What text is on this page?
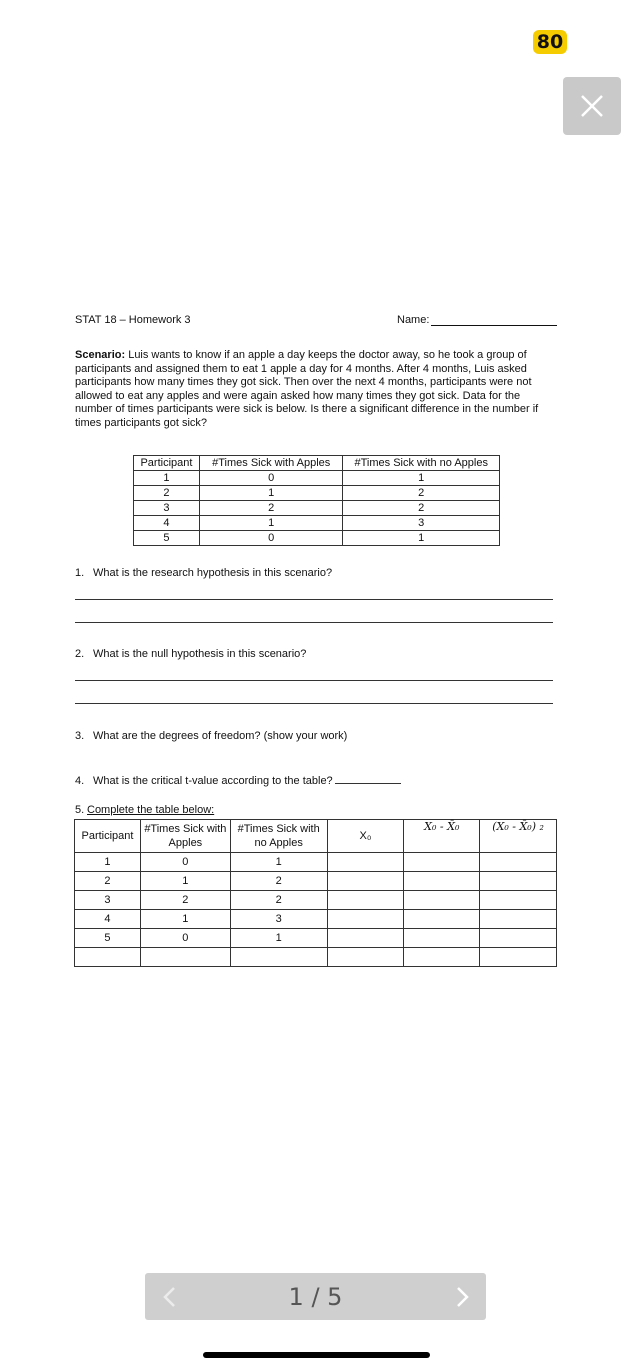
80
STAT 18 – Homework 3	Name:
Scenario: Luis wants to know if an apple a day keeps the doctor away, so he took a group of participants and assigned them to eat 1 apple a day for 4 months. After 4 months, Luis asked participants how many times they got sick. Then over the next 4 months, participants were not allowed to eat any apples and were again asked how many times they got sick. Data for the number of times participants were sick is below. Is there a significant difference in the number if times participants got sick?
Participant	#Times Sick with Apples	#Times Sick with no Apples
1	0	1
2	1	2
3	2	2
4	1	3
5	0	1
1. What is the research hypothesis in this scenario?
2. What is the null hypothesis in this scenario?
3. What are the degrees of freedom? (show your work)
4. What is the critical t-value according to the table?
5. Complete the table below:
Participant	#Times Sick with Apples	#Times Sick with no Apples	X₀	X₀ - X̄₀	(X₀ - X̄₀) ₂
1	0	1			
2	1	2			
3	2	2			
4	1	3			
5	0	1			

1 / 5
